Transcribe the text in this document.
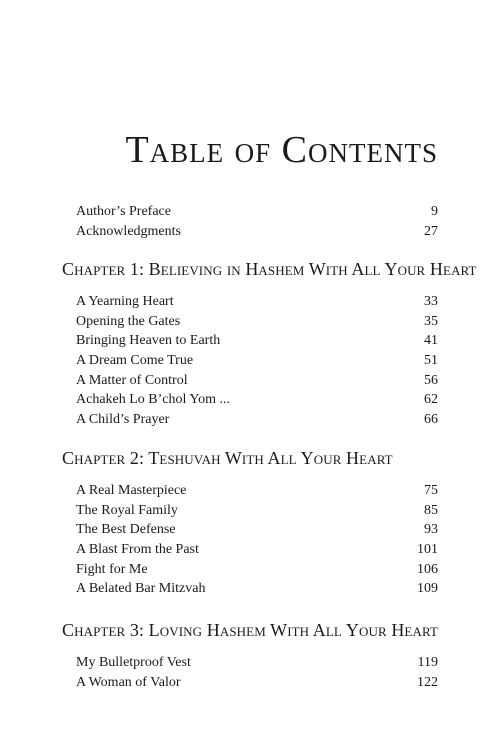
Table of Contents
Author’s Preface	9
Acknowledgments	27
Chapter 1: Believing in Hashem With All Your Heart
A Yearning Heart	33
Opening the Gates	35
Bringing Heaven to Earth	41
A Dream Come True	51
A Matter of Control	56
Achakeh Lo B’chol Yom ...	62
A Child’s Prayer	66
Chapter 2: Teshuvah With All Your Heart
A Real Masterpiece	75
The Royal Family	85
The Best Defense	93
A Blast From the Past	101
Fight for Me	106
A Belated Bar Mitzvah	109
Chapter 3: Loving Hashem With All Your Heart
My Bulletproof Vest	119
A Woman of Valor	122
